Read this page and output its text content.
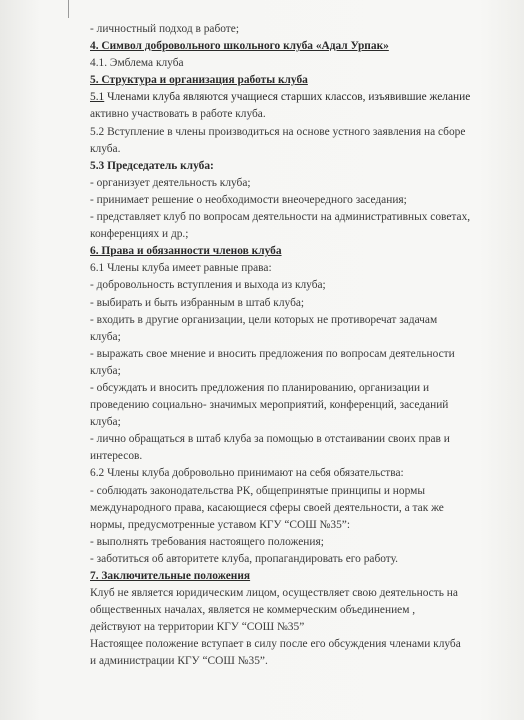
- личностный подход в работе;
4. Символ добровольного школьного клуба «Адал Урпак»
4.1. Эмблема клуба
5. Структура и организация работы клуба
5.1 Членами клуба являются учащиеся старших классов, изъявившие желание
активно участвовать в работе клуба.
5.2 Вступление в члены производиться на основе устного заявления на сборе
клуба.
5.3 Председатель клуба:
- организует деятельность клуба;
- принимает решение о необходимости внеочередного заседания;
- представляет клуб по вопросам деятельности на административных советах,
конференциях и др.;
6. Права и обязанности членов клуба
6.1 Члены клуба имеет равные права:
- добровольность вступления и выхода из клуба;
- выбирать и быть избранным в штаб клуба;
- входить в другие организации, цели которых не противоречат задачам
клуба;
- выражать свое мнение и вносить предложения по вопросам деятельности
клуба;
- обсуждать и вносить предложения по планированию, организации и
проведению социально- значимых мероприятий, конференций, заседаний
клуба;
- лично обращаться в штаб клуба за помощью в отстаивании своих прав и
интересов.
6.2 Члены клуба добровольно принимают на себя обязательства:
- соблюдать законодательства РК, общепринятые принципы и нормы
международного права, касающиеся сферы своей деятельности, а так же
нормы, предусмотренные уставом КГУ “СОШ №35”:
- выполнять требования настоящего положения;
- заботиться об авторитете клуба, пропагандировать его работу.
7. Заключительные положения
Клуб не является юридическим лицом, осуществляет свою деятельность на
общественных началах, является не коммерческим объединением ,
действуют на территории КГУ “СОШ №35”
Настоящее положение вступает в силу после его обсуждения членами клуба
и администрации КГУ “СОШ №35”.
